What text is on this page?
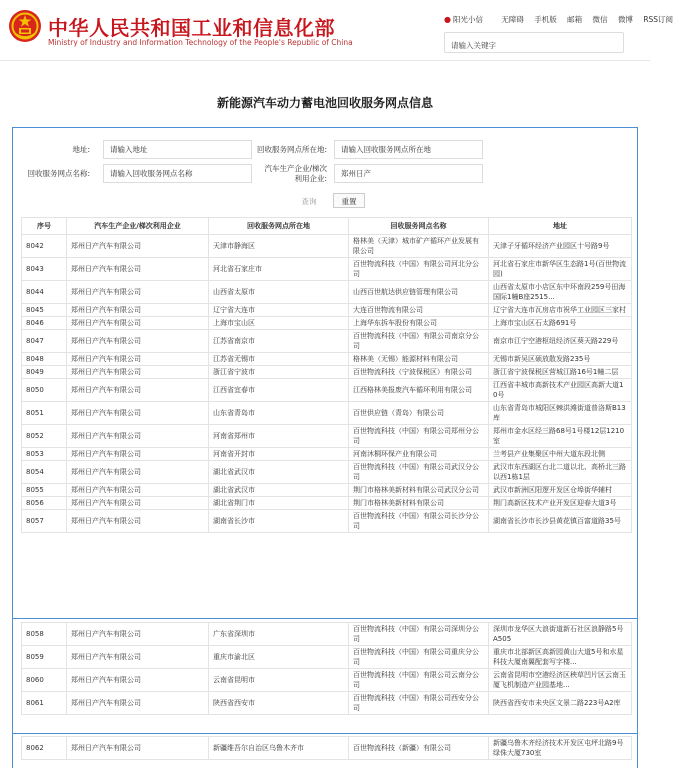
中华人民共和国工业和信息化部
Ministry of Industry and Information Technology of the People's Republic of China
● 阳光小信 无障碍 手机版 邮箱 微信 微博 RSS订阅
请输入关键字
新能源汽车动力蓄电池回收服务网点信息
地址:
请输入地址	回收服务网点所在地:
请输入回收服务网点所在地
回收服务网点名称:
请输入回收服务网点名称
汽车生产企业/梯次利用企业:
郑州日产
查询	重置
序号	汽车生产企业/梯次利用企业	回收服务网点所在地	回收服务网点名称	地址
8042	郑州日产汽车有限公司	天津市静海区	格林美（天津）城市矿产循环产业发展有限公司	天津子牙循环经济产业园区十号路9号
8043	郑州日产汽车有限公司	河北省石家庄市	百世物流科技（中国）有限公司河北分公司	河北省石家庄市新华区生态路1号(百世物流园)
8044	郑州日产汽车有限公司	山西省太原市	山西百世航达供应链管理有限公司	山西省太原市小店区东中环南段259号田海国际1幢B座2515...
8045	郑州日产汽车有限公司	辽宁省大连市	大连百世物流有限公司	辽宁省大连市瓦房店市祝华工业园区三家村
8046	郑州日产汽车有限公司	上海市宝山区	上海华东拆车股份有限公司	上海市宝山区石太路691号
8047	郑州日产汽车有限公司	江苏省南京市	百世物流科技（中国）有限公司南京分公司	南京市江宁空港枢纽经济区葵天路229号
8048	郑州日产汽车有限公司	江苏省无锡市	格林美（无锡）能源材料有限公司	无锡市新吴区硕放散发路235号
8049	郑州日产汽车有限公司	浙江省宁波市	百世物流科技（宁波保税区）有限公司	浙江省宁波保税区营城江路16号1幢二层
8050	郑州日产汽车有限公司	江西省宜春市	江西格林美报废汽车循环利用有限公司	江西省丰城市高新技术产业园区高新大道10号
8051	郑州日产汽车有限公司	山东省青岛市	百世供应链（青岛）有限公司	山东省青岛市城阳区棘洪滩街道普洛斯B13库
8052	郑州日产汽车有限公司	河南省郑州市	百世物流科技（中国）有限公司郑州分公司	郑州市金水区经三路68号1号楼12层1210室
8053	郑州日产汽车有限公司	河南省开封市	河南沐桐环保产业有限公司	兰考县产业集聚区中州大道东段北侧
8054	郑州日产汽车有限公司	湖北省武汉市	百世物流科技（中国）有限公司武汉分公司	武汉市东西湖区台北二道以北、高桥北三路以西1栋1层
8055	郑州日产汽车有限公司	湖北省武汉市	荆门市格林美新材料有限公司武汉分公司	武汉市新洲区阳逻开发区仓埠街华辅村
8056	郑州日产汽车有限公司	湖北省荆门市	荆门市格林美新材料有限公司	荆门高新区技术产业开发区迎春大道3号
8057	郑州日产汽车有限公司	湖南省长沙市	百世物流科技（中国）有限公司长沙分公司	湖南省长沙市长沙县黄花镇百富道路35号
8058	郑州日产汽车有限公司	广东省深圳市	百世物流科技（中国）有限公司深圳分公司	深圳市龙华区大浪街道新石社区浪静路5号A505
8059	郑州日产汽车有限公司	重庆市渝北区	百世物流科技（中国）有限公司重庆分公司	重庆市北部新区高新园黄山大道5号和水星科技大厦南翼配套写字楼...
8060	郑州日产汽车有限公司	云南省昆明市	百世物流科技（中国）有限公司云南分公司	云南省昆明市空港经济区秧草凹片区云南玉厦飞机制造产业园基地...
8061	郑州日产汽车有限公司	陕西省西安市	百世物流科技（中国）有限公司西安分公司	陕西省西安市未央区文景二路223号A2库
8062	郑州日产汽车有限公司	新疆维吾尔自治区乌鲁木齐市	百世物流科技（新疆）有限公司	新疆乌鲁木齐经济技术开发区屯坪北路9号绿侏大厦730室
